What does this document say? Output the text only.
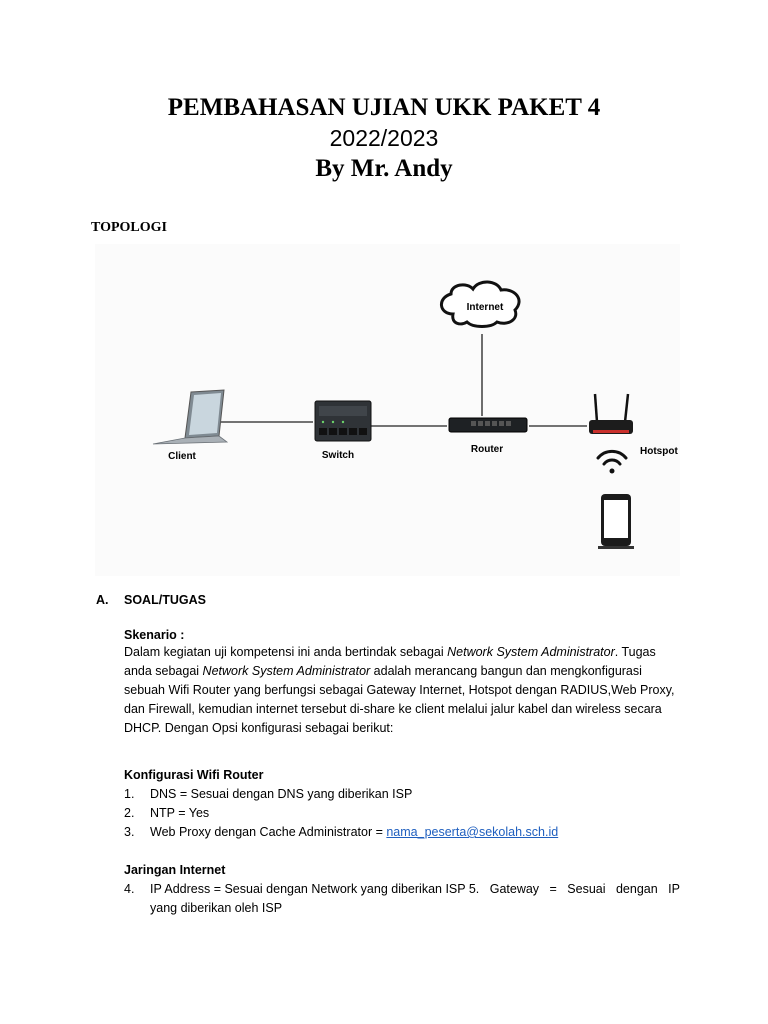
PEMBAHASAN UJIAN UKK PAKET 4
2022/2023
By Mr. Andy
TOPOLOGI
Internet
Client	Switch
Router	Hotspot
A. SOAL/TUGAS
Skenario :
Dalam kegiatan uji kompetensi ini anda bertindak sebagai Network System Administrator. Tugas anda sebagai Network System Administrator adalah merancang bangun dan mengkonfigurasi sebuah Wifi Router yang berfungsi sebagai Gateway Internet, Hotspot dengan RADIUS,Web Proxy, dan Firewall, kemudian internet tersebut di-share ke client melalui jalur kabel dan wireless secara DHCP. Dengan Opsi konfigurasi sebagai berikut:
Konfigurasi Wifi Router
1.	DNS = Sesuai dengan DNS yang diberikan ISP
2.	NTP = Yes
3.	Web Proxy dengan Cache Administrator = nama_peserta@sekolah.sch.id
Jaringan Internet
4.	IP Address = Sesuai dengan Network yang diberikan ISP 5. Gateway = Sesuai dengan IP
yang diberikan oleh ISP
